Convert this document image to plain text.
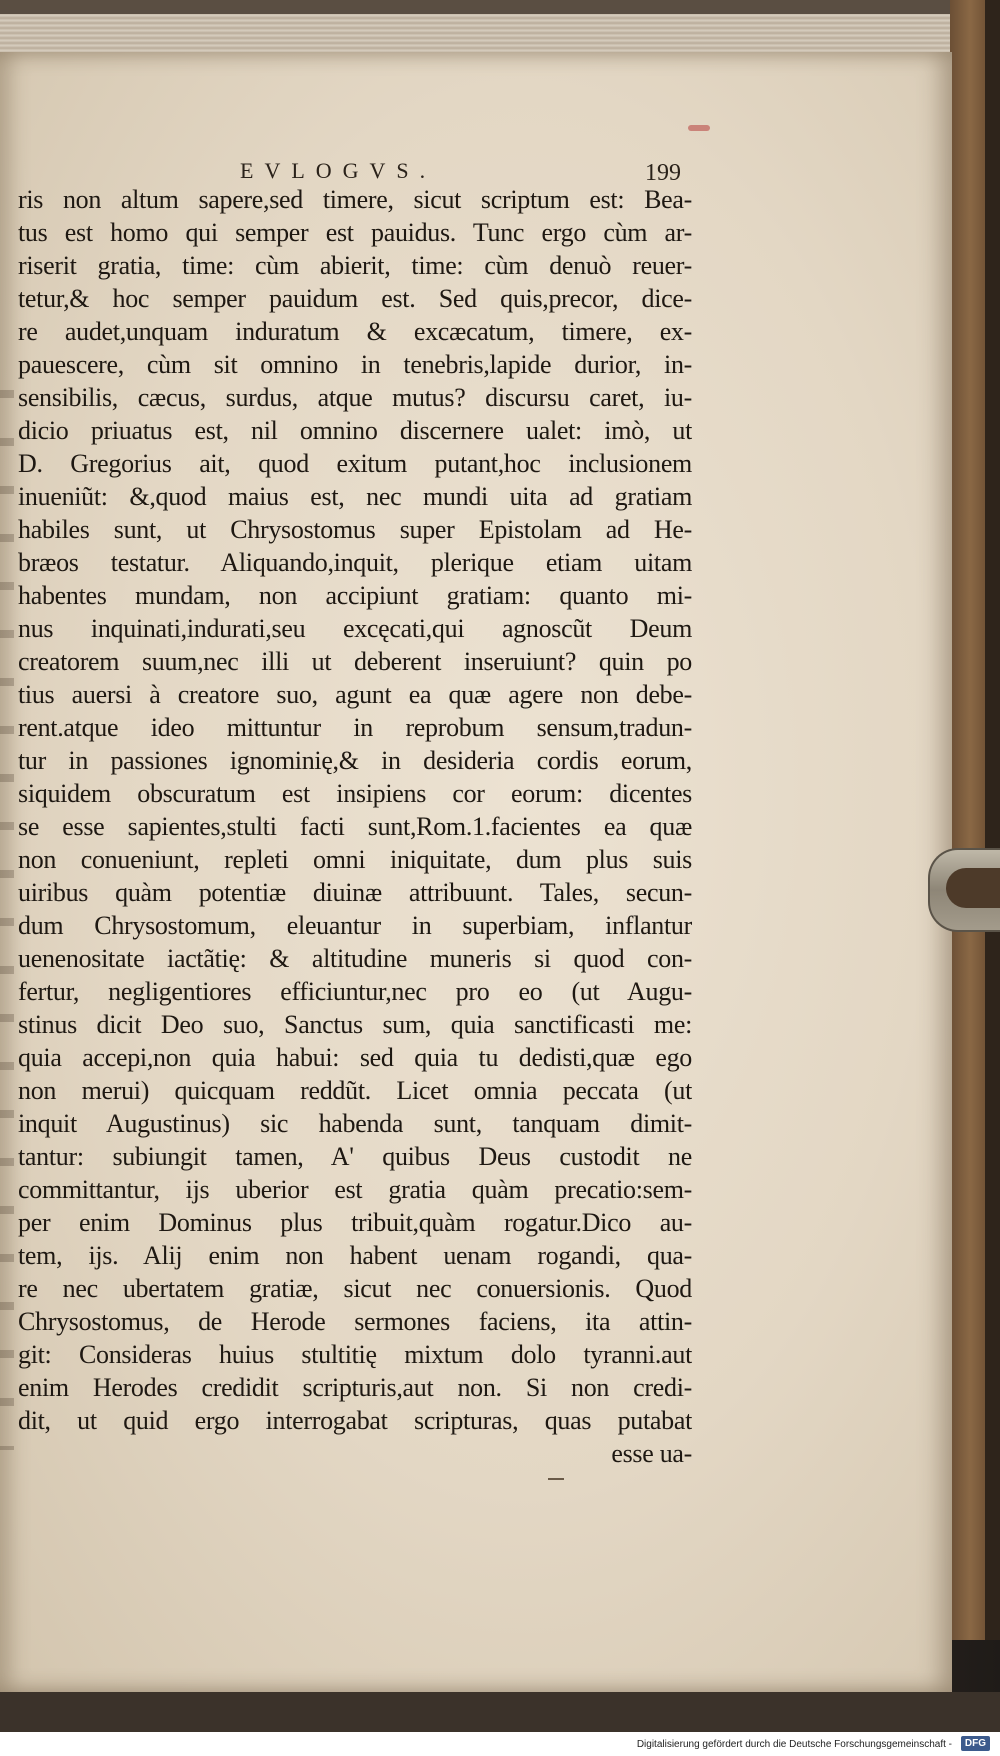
EVLOGVS.	199
ris non altum sapere,sed timere, sicut scriptum est: Bea-
tus est homo qui semper est pauidus. Tunc ergo cùm ar-
riserit gratia, time: cùm abierit, time: cùm denuò reuer-
tetur,& hoc semper pauidum est. Sed quis,precor, dice-
re audet,unquam induratum & excæcatum, timere, ex-
pauescere, cùm sit omnino in tenebris,lapide durior, in-
sensibilis, cæcus, surdus, atque mutus? discursu caret, iu-
dicio priuatus est, nil omnino discernere ualet: imò, ut
D. Gregorius ait, quod exitum putant,hoc inclusionem
inueniũt: &,quod maius est, nec mundi uita ad gratiam
habiles sunt, ut Chrysostomus super Epistolam ad He-
bræos testatur. Aliquando,inquit, plerique etiam uitam
habentes mundam, non accipiunt gratiam: quanto mi-
nus inquinati,indurati,seu excęcati,qui agnoscũt Deum
creatorem suum,nec illi ut deberent inseruiunt? quin po
tius auersi à creatore suo, agunt ea quæ agere non debe-
rent.atque ideo mittuntur in reprobum sensum,tradun-
tur in passiones ignominię,& in desideria cordis eorum,
siquidem obscuratum est insipiens cor eorum: dicentes
se esse sapientes,stulti facti sunt,Rom.1.facientes ea quæ
non conueniunt, repleti omni iniquitate, dum plus suis
uiribus quàm potentiæ diuinæ attribuunt. Tales, secun-
dum Chrysostomum, eleuantur in superbiam, inflantur
uenenositate iactãtię: & altitudine muneris si quod con-
fertur, negligentiores efficiuntur,nec pro eo (ut Augu-
stinus dicit Deo suo, Sanctus sum, quia sanctificasti me:
quia accepi,non quia habui: sed quia tu dedisti,quæ ego
non merui) quicquam reddũt. Licet omnia peccata (ut
inquit Augustinus) sic habenda sunt, tanquam dimit-
tantur: subiungit tamen, A' quibus Deus custodit ne
committantur, ijs uberior est gratia quàm precatio:sem-
per enim Dominus plus tribuit,quàm rogatur.Dico au-
tem, ijs. Alij enim non habent uenam rogandi, qua-
re nec ubertatem gratiæ, sicut nec conuersionis. Quod
Chrysostomus, de Herode sermones faciens, ita attin-
git: Consideras huius stultitię mixtum dolo tyranni.aut
enim Herodes credidit scripturis,aut non. Si non credi-
dit, ut quid ergo interrogabat scripturas, quas putabat
esse ua-
Digitalisierung gefördert durch die Deutsche Forschungsgemeinschaft -	DFG
